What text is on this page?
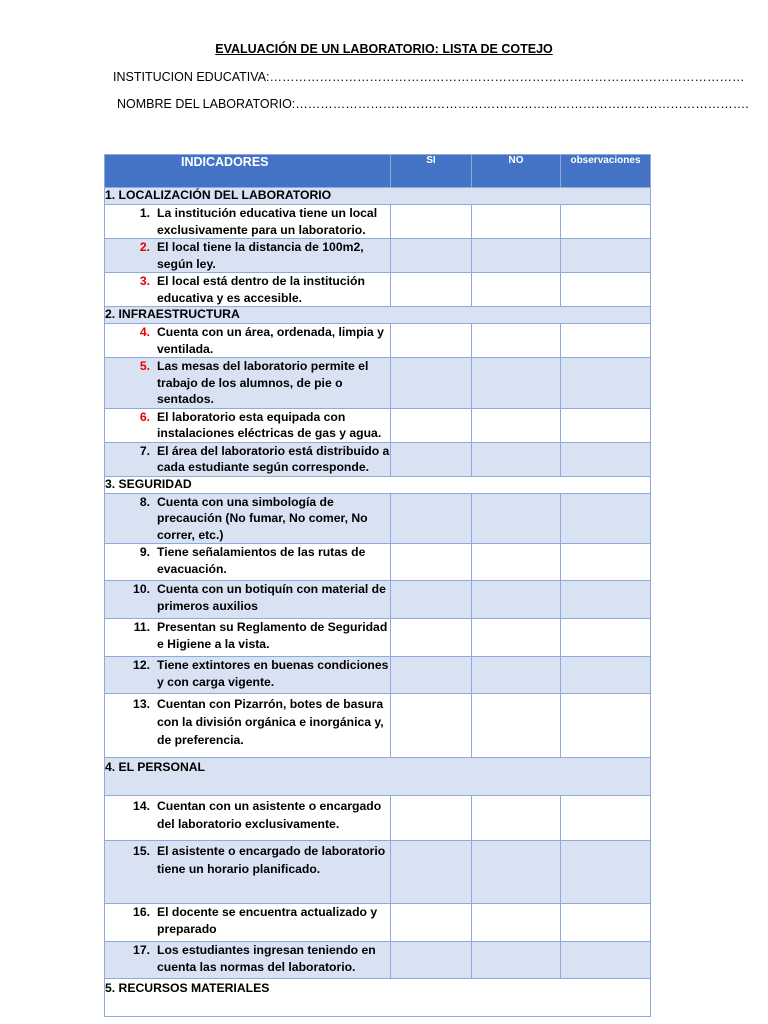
EVALUACIÓN DE UN LABORATORIO: LISTA DE COTEJO
INSTITUCION EDUCATIVA:……………………………………………………………………………………………………
NOMBRE DEL LABORATORIO:……………………………………………………………………………………………….
INDICADORES	SI	NO	observaciones
1. LOCALIZACIÓN DEL LABORATORIO			

1. La institución educativa tiene un local exclusivamente para un laboratorio.			

2. El local tiene la distancia de 100m2, según ley.			

3. El local está dentro de la institución educativa y es accesible.			

2. INFRAESTRUCTURA			

4. Cuenta con un área, ordenada, limpia y ventilada.			

5. Las mesas del laboratorio permite el trabajo de los alumnos, de pie o sentados.			

6. El laboratorio esta equipada con instalaciones eléctricas de gas y agua.			

7. El área del laboratorio está distribuido a cada estudiante según corresponde.			

3. SEGURIDAD			

8. Cuenta con una simbología de precaución (No fumar, No comer, No correr, etc.)			

9. Tiene señalamientos de las rutas de evacuación.			

10. Cuenta con un botiquín con material de primeros auxilios			

11. Presentan su Reglamento de Seguridad e Higiene a la vista.			

12. Tiene extintores en buenas condiciones y con carga vigente.			

13. Cuentan con Pizarrón, botes de basura con la división orgánica e inorgánica y, de preferencia.			

4. EL PERSONAL			

14. Cuentan con un asistente o encargado del laboratorio exclusivamente.			

15. El asistente o encargado de laboratorio tiene un horario planificado.			

16. El docente se encuentra actualizado y preparado			

17. Los estudiantes ingresan teniendo en cuenta las normas del laboratorio.			

5. RECURSOS MATERIALES			
